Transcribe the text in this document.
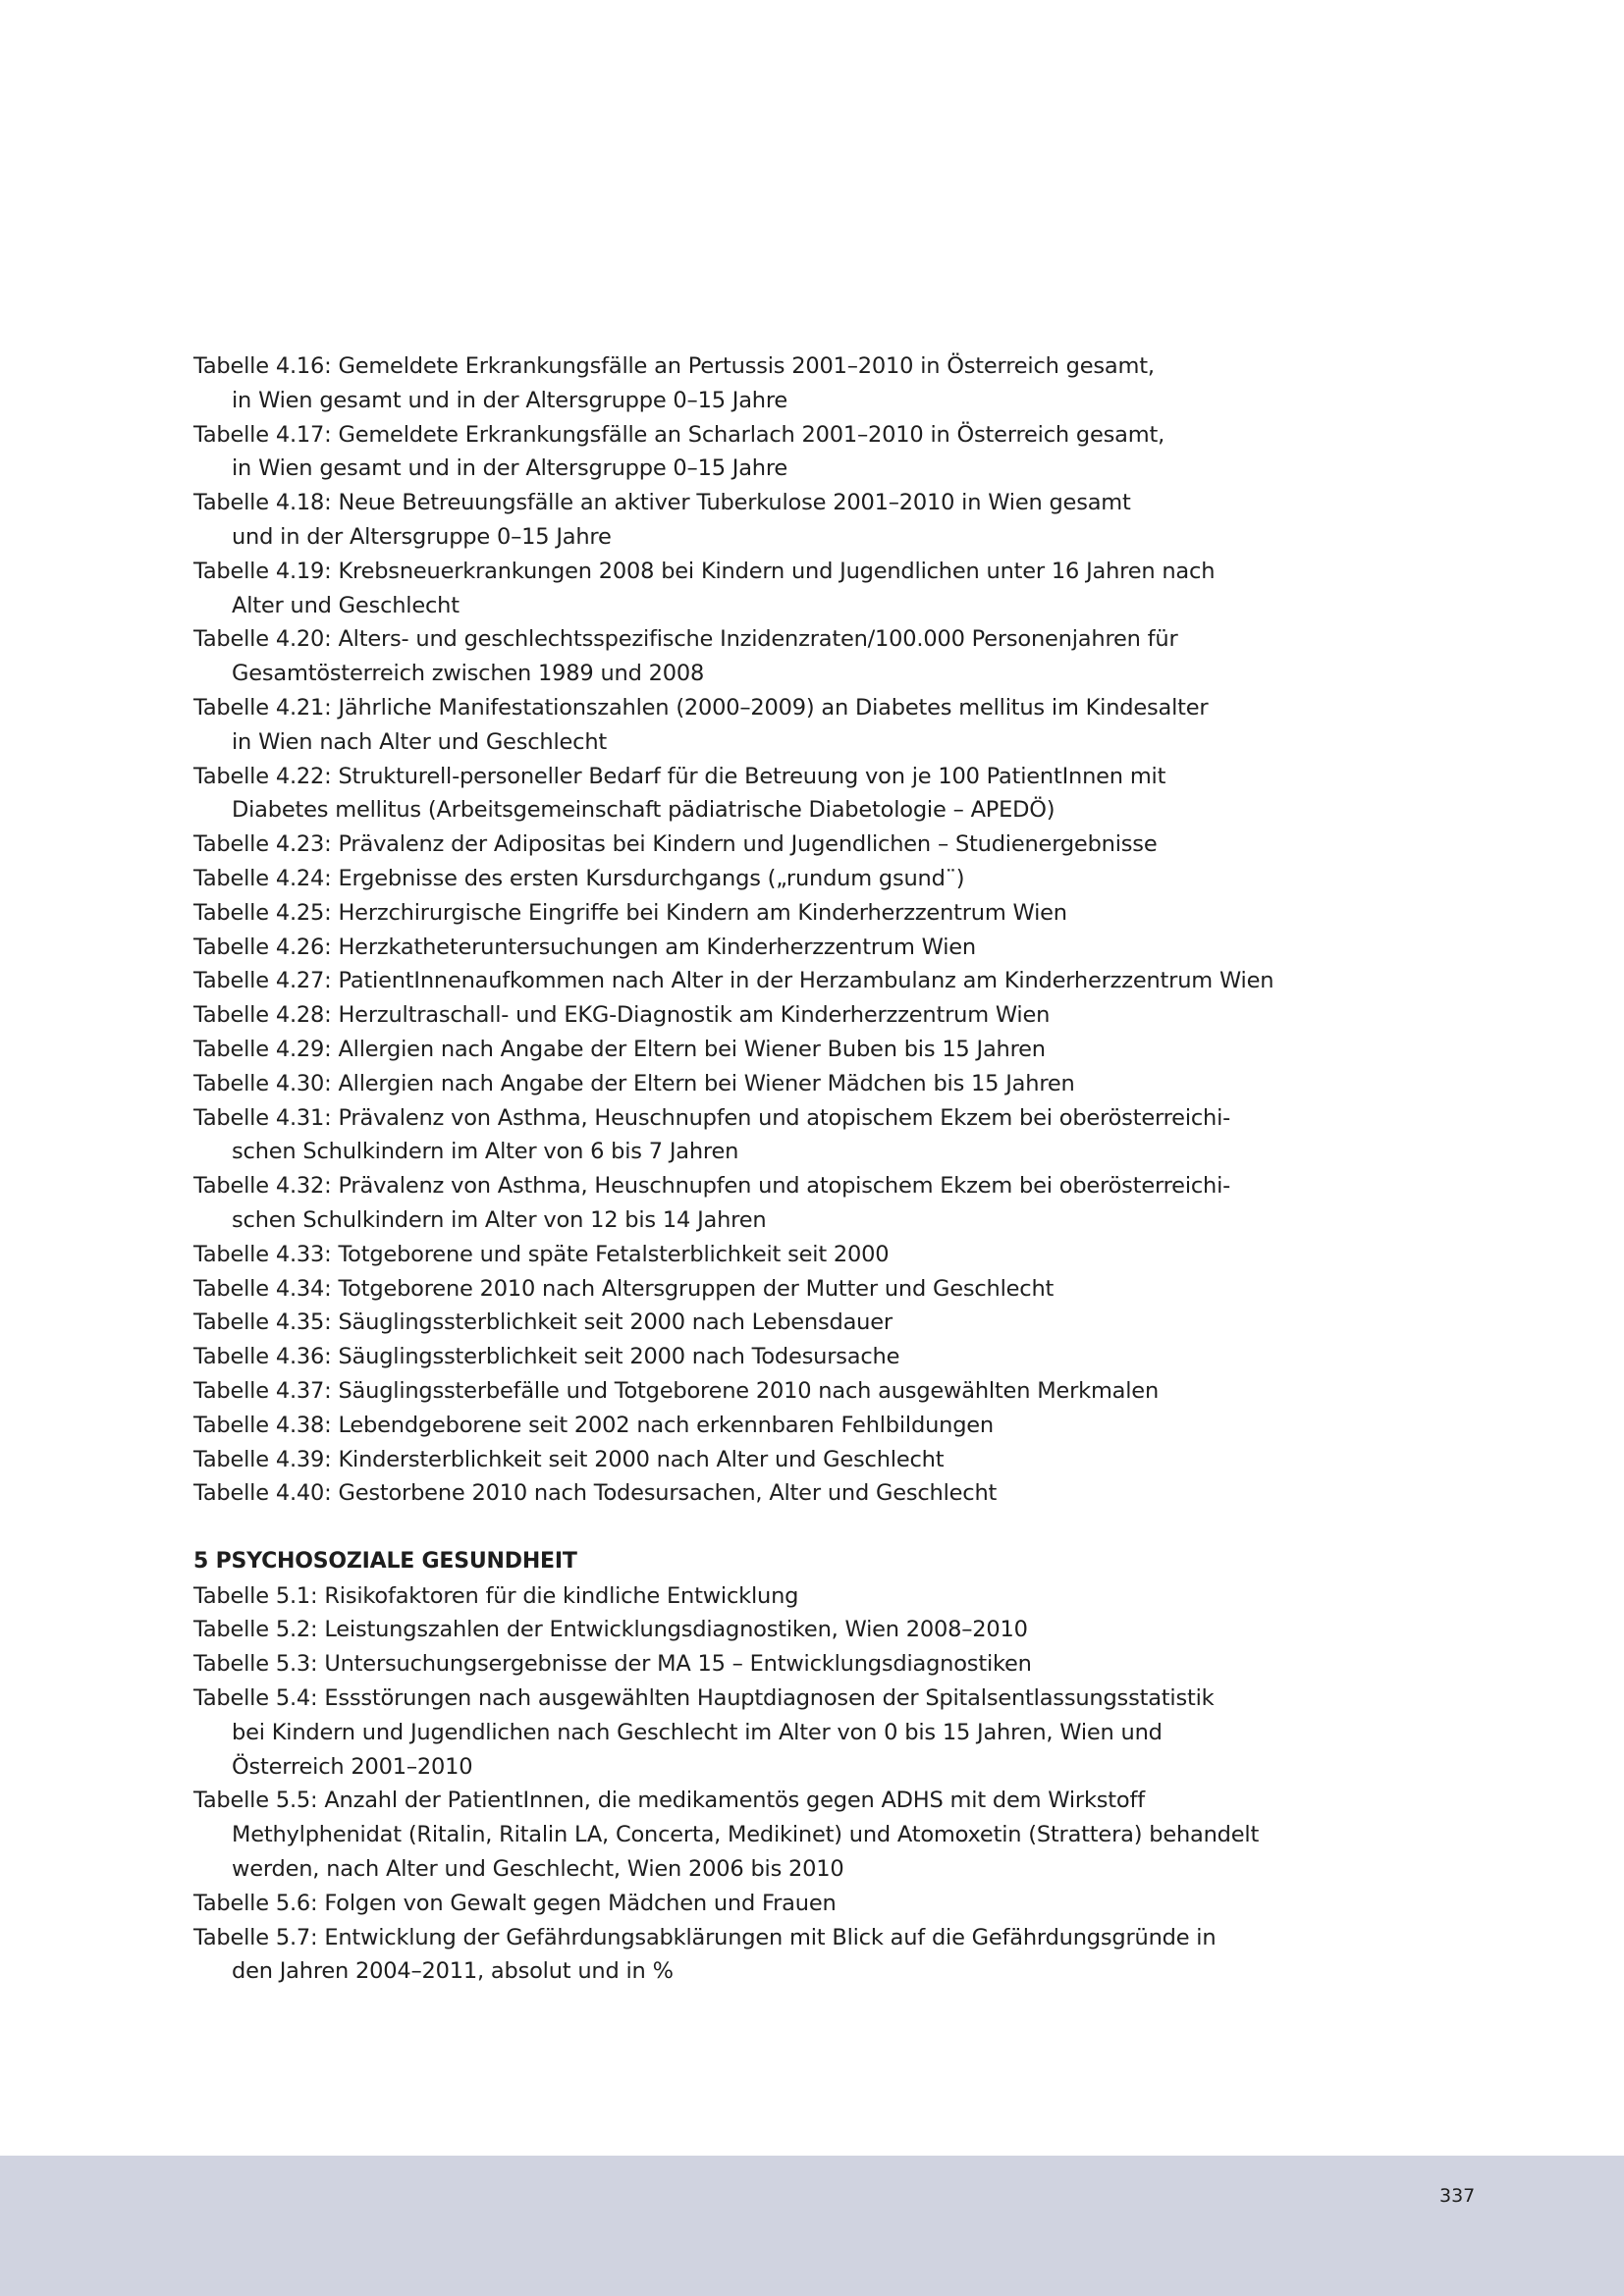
Tabelle 4.16: Gemeldete Erkrankungsfälle an Pertussis 2001–2010 in Österreich gesamt,
in Wien gesamt und in der Altersgruppe 0–15 Jahre
Tabelle 4.17: Gemeldete Erkrankungsfälle an Scharlach 2001–2010 in Österreich gesamt,
in Wien gesamt und in der Altersgruppe 0–15 Jahre
Tabelle 4.18: Neue Betreuungsfälle an aktiver Tuberkulose 2001–2010 in Wien gesamt
und in der Altersgruppe 0–15 Jahre
Tabelle 4.19: Krebsneuerkrankungen 2008 bei Kindern und Jugendlichen unter 16 Jahren nach
Alter und Geschlecht
Tabelle 4.20: Alters- und geschlechtsspezifische Inzidenzraten/100.000 Personenjahren für
Gesamtösterreich zwischen 1989 und 2008
Tabelle 4.21: Jährliche Manifestationszahlen (2000–2009) an Diabetes mellitus im Kindesalter
in Wien nach Alter und Geschlecht
Tabelle 4.22: Strukturell-personeller Bedarf für die Betreuung von je 100 PatientInnen mit
Diabetes mellitus (Arbeitsgemeinschaft pädiatrische Diabetologie – APEDÖ)
Tabelle 4.23: Prävalenz der Adipositas bei Kindern und Jugendlichen – Studienergebnisse
Tabelle 4.24: Ergebnisse des ersten Kursdurchgangs („rundum gsund¨)
Tabelle 4.25: Herzchirurgische Eingriffe bei Kindern am Kinderherzzentrum Wien
Tabelle 4.26: Herzkatheteruntersuchungen am Kinderherzzentrum Wien
Tabelle 4.27: PatientInnenaufkommen nach Alter in der Herzambulanz am Kinderherzzentrum Wien
Tabelle 4.28: Herzultraschall- und EKG-Diagnostik am Kinderherzzentrum Wien
Tabelle 4.29: Allergien nach Angabe der Eltern bei Wiener Buben bis 15 Jahren
Tabelle 4.30: Allergien nach Angabe der Eltern bei Wiener Mädchen bis 15 Jahren
Tabelle 4.31: Prävalenz von Asthma, Heuschnupfen und atopischem Ekzem bei oberösterreichi-
schen Schulkindern im Alter von 6 bis 7 Jahren
Tabelle 4.32: Prävalenz von Asthma, Heuschnupfen und atopischem Ekzem bei oberösterreichi-
schen Schulkindern im Alter von 12 bis 14 Jahren
Tabelle 4.33: Totgeborene und späte Fetalsterblichkeit seit 2000
Tabelle 4.34: Totgeborene 2010 nach Altersgruppen der Mutter und Geschlecht
Tabelle 4.35: Säuglingssterblichkeit seit 2000 nach Lebensdauer
Tabelle 4.36: Säuglingssterblichkeit seit 2000 nach Todesursache
Tabelle 4.37: Säuglingssterbefälle und Totgeborene 2010 nach ausgewählten Merkmalen
Tabelle 4.38: Lebendgeborene seit 2002 nach erkennbaren Fehlbildungen
Tabelle 4.39: Kindersterblichkeit seit 2000 nach Alter und Geschlecht
Tabelle 4.40: Gestorbene 2010 nach Todesursachen, Alter und Geschlecht
5 PSYCHOSOZIALE GESUNDHEIT
Tabelle 5.1: Risikofaktoren für die kindliche Entwicklung
Tabelle 5.2: Leistungszahlen der Entwicklungsdiagnostiken, Wien 2008–2010
Tabelle 5.3: Untersuchungsergebnisse der MA 15 – Entwicklungsdiagnostiken
Tabelle 5.4: Essstörungen nach ausgewählten Hauptdiagnosen der Spitalsentlassungsstatistik
bei Kindern und Jugendlichen nach Geschlecht im Alter von 0 bis 15 Jahren, Wien und
Österreich 2001–2010
Tabelle 5.5: Anzahl der PatientInnen, die medikamentös gegen ADHS mit dem Wirkstoff
Methylphenidat (Ritalin, Ritalin LA, Concerta, Medikinet) und Atomoxetin (Strattera) behandelt
werden, nach Alter und Geschlecht, Wien 2006 bis 2010
Tabelle 5.6: Folgen von Gewalt gegen Mädchen und Frauen
Tabelle 5.7: Entwicklung der Gefährdungsabklärungen mit Blick auf die Gefährdungsgründe in
den Jahren 2004–2011, absolut und in %
337
